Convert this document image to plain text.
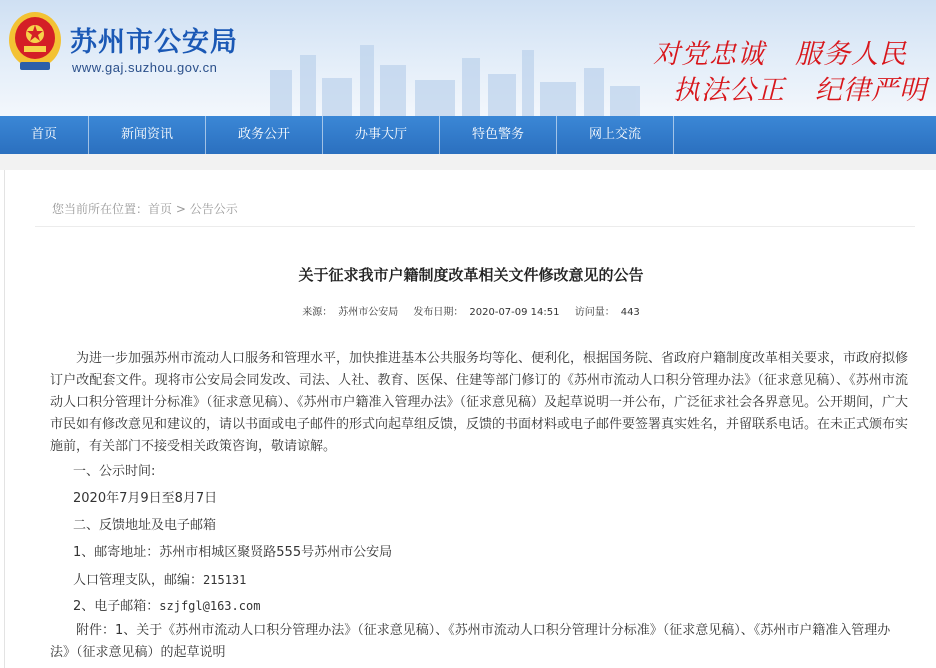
苏州市公安局
www.gaj.suzhou.gov.cn	对党忠诚 服务人民
执法公正 纪律严明
首页	新闻资讯	政务公开	办事大厅	特色警务	网上交流
您当前所在位置：首页 > 公告公示
关于征求我市户籍制度改革相关文件修改意见的公告
来源： 苏州市公安局 发布日期： 2020-07-09 14:51 访问量： 443
为进一步加强苏州市流动人口服务和管理水平，加快推进基本公共服务均等化、便利化，根据国务院、省政府户籍制度改革相关要求，市政府拟修订户改配套文件。现将市公安局会同发改、司法、人社、教育、医保、住建等部门修订的《苏州市流动人口积分管理办法》（征求意见稿）、《苏州市流动人口积分管理计分标准》（征求意见稿）、《苏州市户籍准入管理办法》（征求意见稿）及起草说明一并公布，广泛征求社会各界意见。公开期间，广大市民如有修改意见和建议的，请以书面或电子邮件的形式向起草组反馈，反馈的书面材料或电子邮件要签署真实姓名，并留联系电话。在未正式颁布实施前，有关部门不接受相关政策咨询，敬请谅解。
一、公示时间:
2020年7月9日至8月7日
二、反馈地址及电子邮箱
1、邮寄地址：苏州市相城区聚贤路555号苏州市公安局
人口管理支队，邮编：215131
2、电子邮箱：szjfgl@163.com
附件：1、关于《苏州市流动人口积分管理办法》（征求意见稿）、《苏州市流动人口积分管理计分标准》（征求意见稿）、《苏州市户籍准入管理办法》（征求意见稿）的起草说明
